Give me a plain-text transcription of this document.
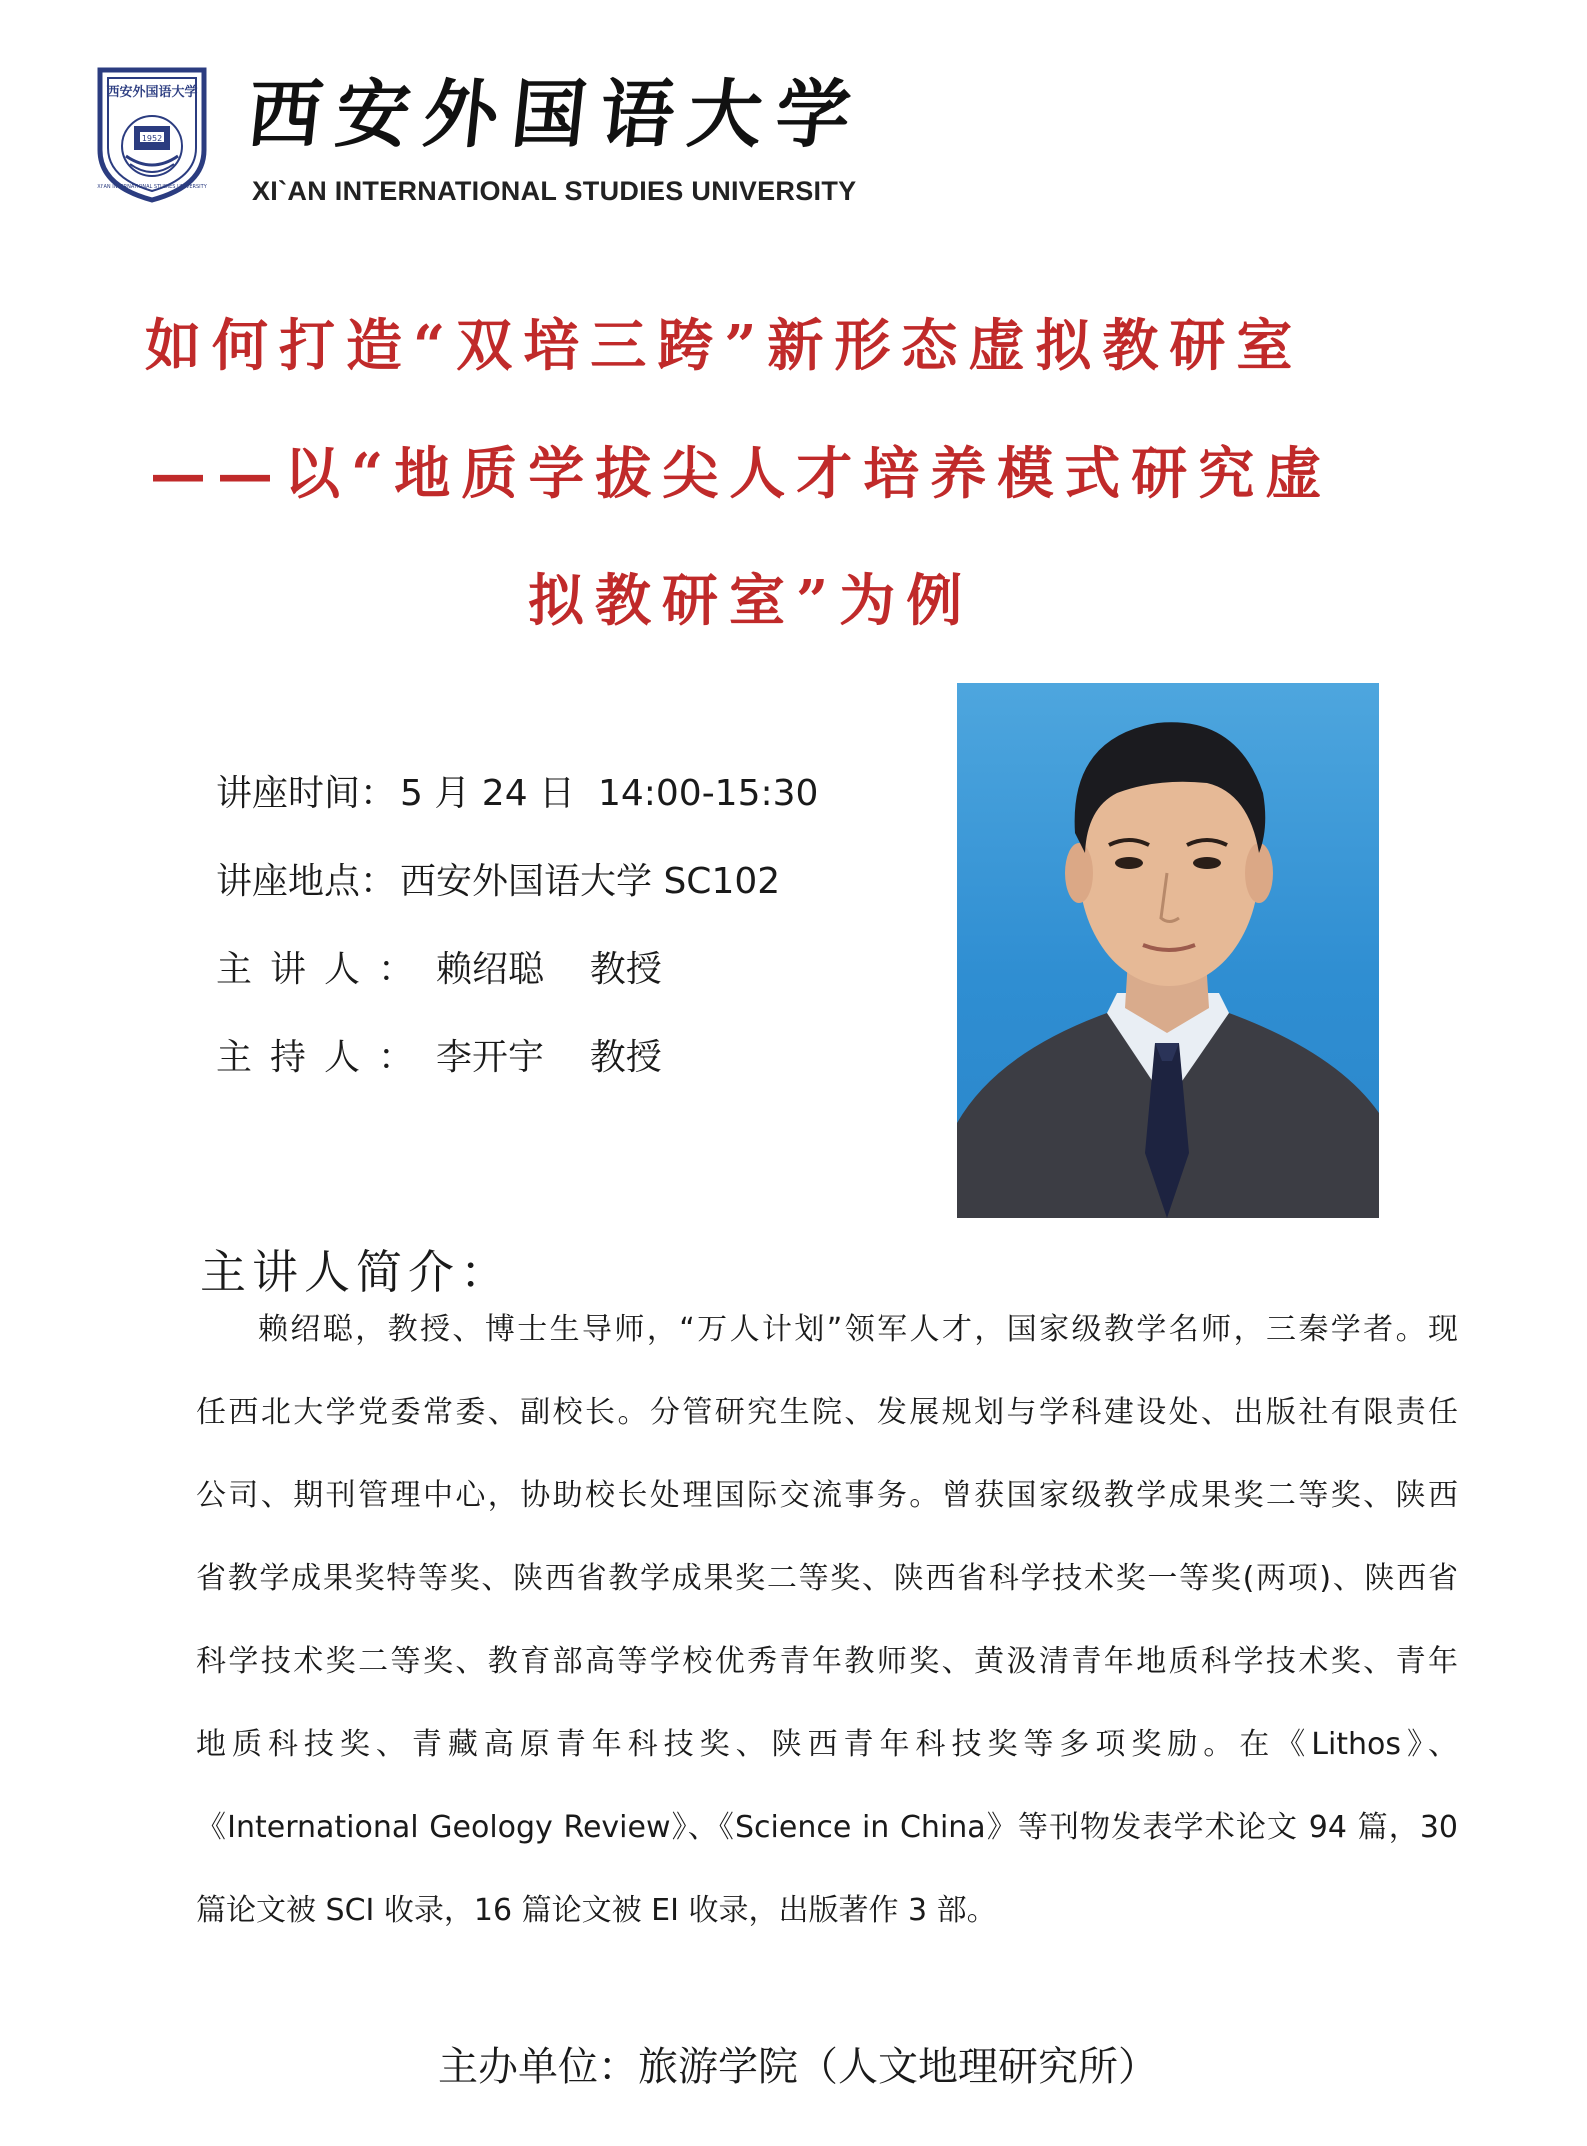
西安外国语大学
1952
XI'AN INTERNATIONAL STUDIES UNIVERSITY
西安外国语大学
XI`AN INTERNATIONAL STUDIES UNIVERSITY
如何打造“双培三跨”新形态虚拟教研室
——以“地质学拔尖人才培养模式研究虚
拟教研室”为例
讲座时间： 5 月 24 日  14:00-15:30
讲座地点： 西安外国语大学 SC102
主讲人： 赖绍聪    教授
主持人： 李开宇    教授
主讲人简介：
赖绍聪，教授、博士生导师，“万人计划”领军人才，国家级教学名师，三秦学者。现
任西北大学党委常委、副校长。分管研究生院、发展规划与学科建设处、出版社有限责任
公司、期刊管理中心，协助校长处理国际交流事务。曾获国家级教学成果奖二等奖、陕西
省教学成果奖特等奖、陕西省教学成果奖二等奖、陕西省科学技术奖一等奖(两项)、陕西省
科学技术奖二等奖、教育部高等学校优秀青年教师奖、黄汲清青年地质科学技术奖、青年
地质科技奖、青藏高原青年科技奖、陕西青年科技奖等多项奖励。在《Lithos》、
《International Geology Review》、《Science in China》等刊物发表学术论文 94 篇，30
篇论文被 SCI 收录，16 篇论文被 EI 收录，出版著作 3 部。
主办单位：旅游学院（人文地理研究所）
